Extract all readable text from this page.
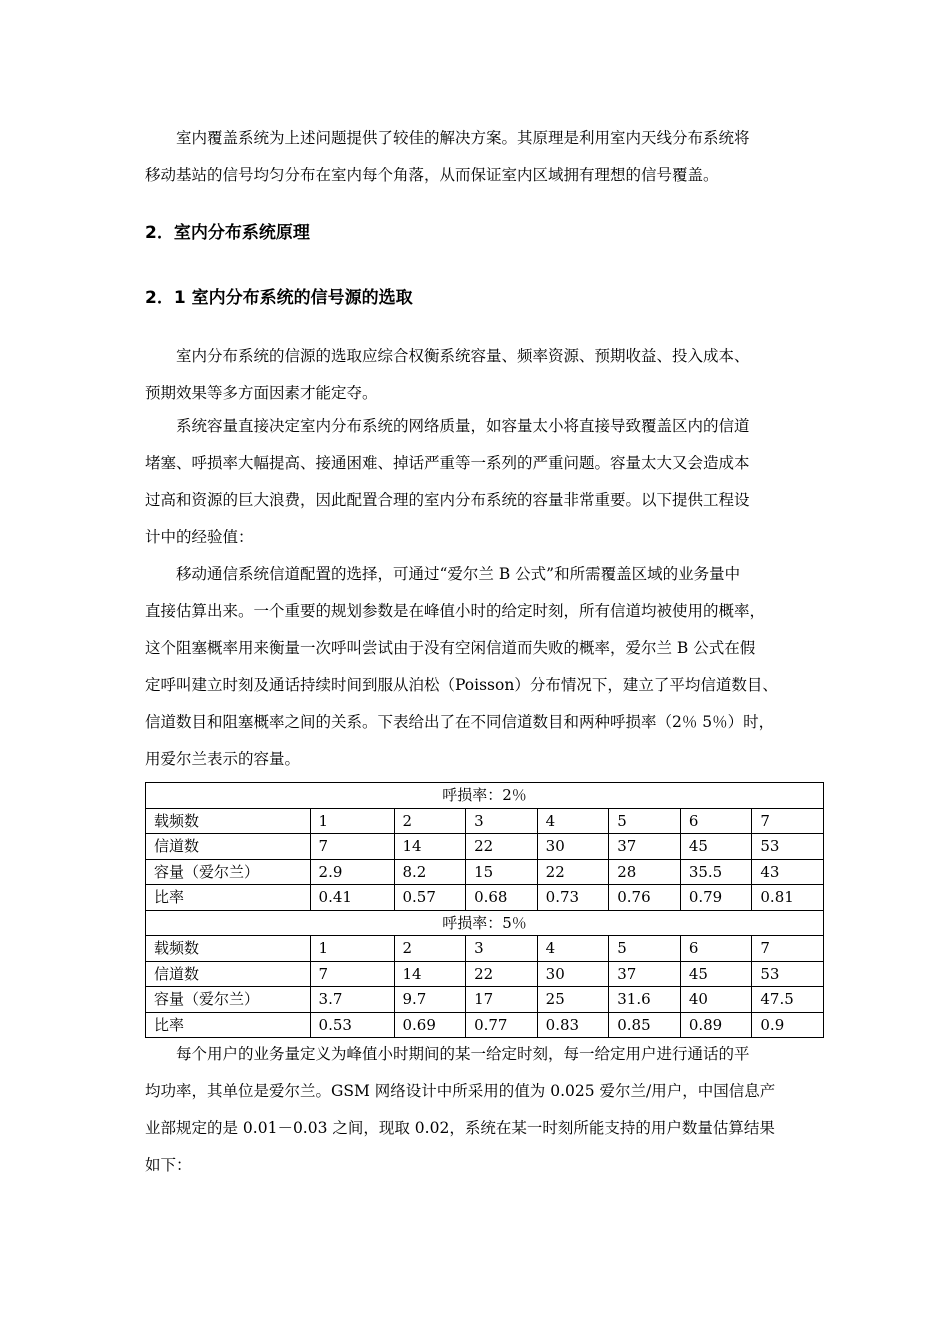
室内覆盖系统为上述问题提供了较佳的解决方案。其原理是利用室内天线分布系统将
移动基站的信号均匀分布在室内每个角落，从而保证室内区域拥有理想的信号覆盖。
2．室内分布系统原理
2．1 室内分布系统的信号源的选取
室内分布系统的信源的选取应综合权衡系统容量、频率资源、预期收益、投入成本、
预期效果等多方面因素才能定夺。
系统容量直接决定室内分布系统的网络质量，如容量太小将直接导致覆盖区内的信道
堵塞、呼损率大幅提高、接通困难、掉话严重等一系列的严重问题。容量太大又会造成本
过高和资源的巨大浪费，因此配置合理的室内分布系统的容量非常重要。以下提供工程设
计中的经验值：
移动通信系统信道配置的选择，可通过“爱尔兰 B 公式”和所需覆盖区域的业务量中
直接估算出来。一个重要的规划参数是在峰值小时的给定时刻，所有信道均被使用的概率，
这个阻塞概率用来衡量一次呼叫尝试由于没有空闲信道而失败的概率，爱尔兰 B 公式在假
定呼叫建立时刻及通话持续时间到服从泊松（Poisson）分布情况下，建立了平均信道数目、
信道数目和阻塞概率之间的关系。下表给出了在不同信道数目和两种呼损率（2％ 5％）时，
用爱尔兰表示的容量。
呼损率：2％							
载频数	1	2	3	4	5	6	7
信道数	7	14	22	30	37	45	53
容量（爱尔兰）	2.9	8.2	15	22	28	35.5	43
比率	0.41	0.57	0.68	0.73	0.76	0.79	0.81
呼损率：5％							
载频数	1	2	3	4	5	6	7
信道数	7	14	22	30	37	45	53
容量（爱尔兰）	3.7	9.7	17	25	31.6	40	47.5
比率	0.53	0.69	0.77	0.83	0.85	0.89	0.9
每个用户的业务量定义为峰值小时期间的某一给定时刻，每一给定用户进行通话的平
均功率，其单位是爱尔兰。GSM 网络设计中所采用的值为 0.025 爱尔兰/用户，中国信息产
业部规定的是 0.01－0.03 之间，现取 0.02，系统在某一时刻所能支持的用户数量估算结果
如下：
